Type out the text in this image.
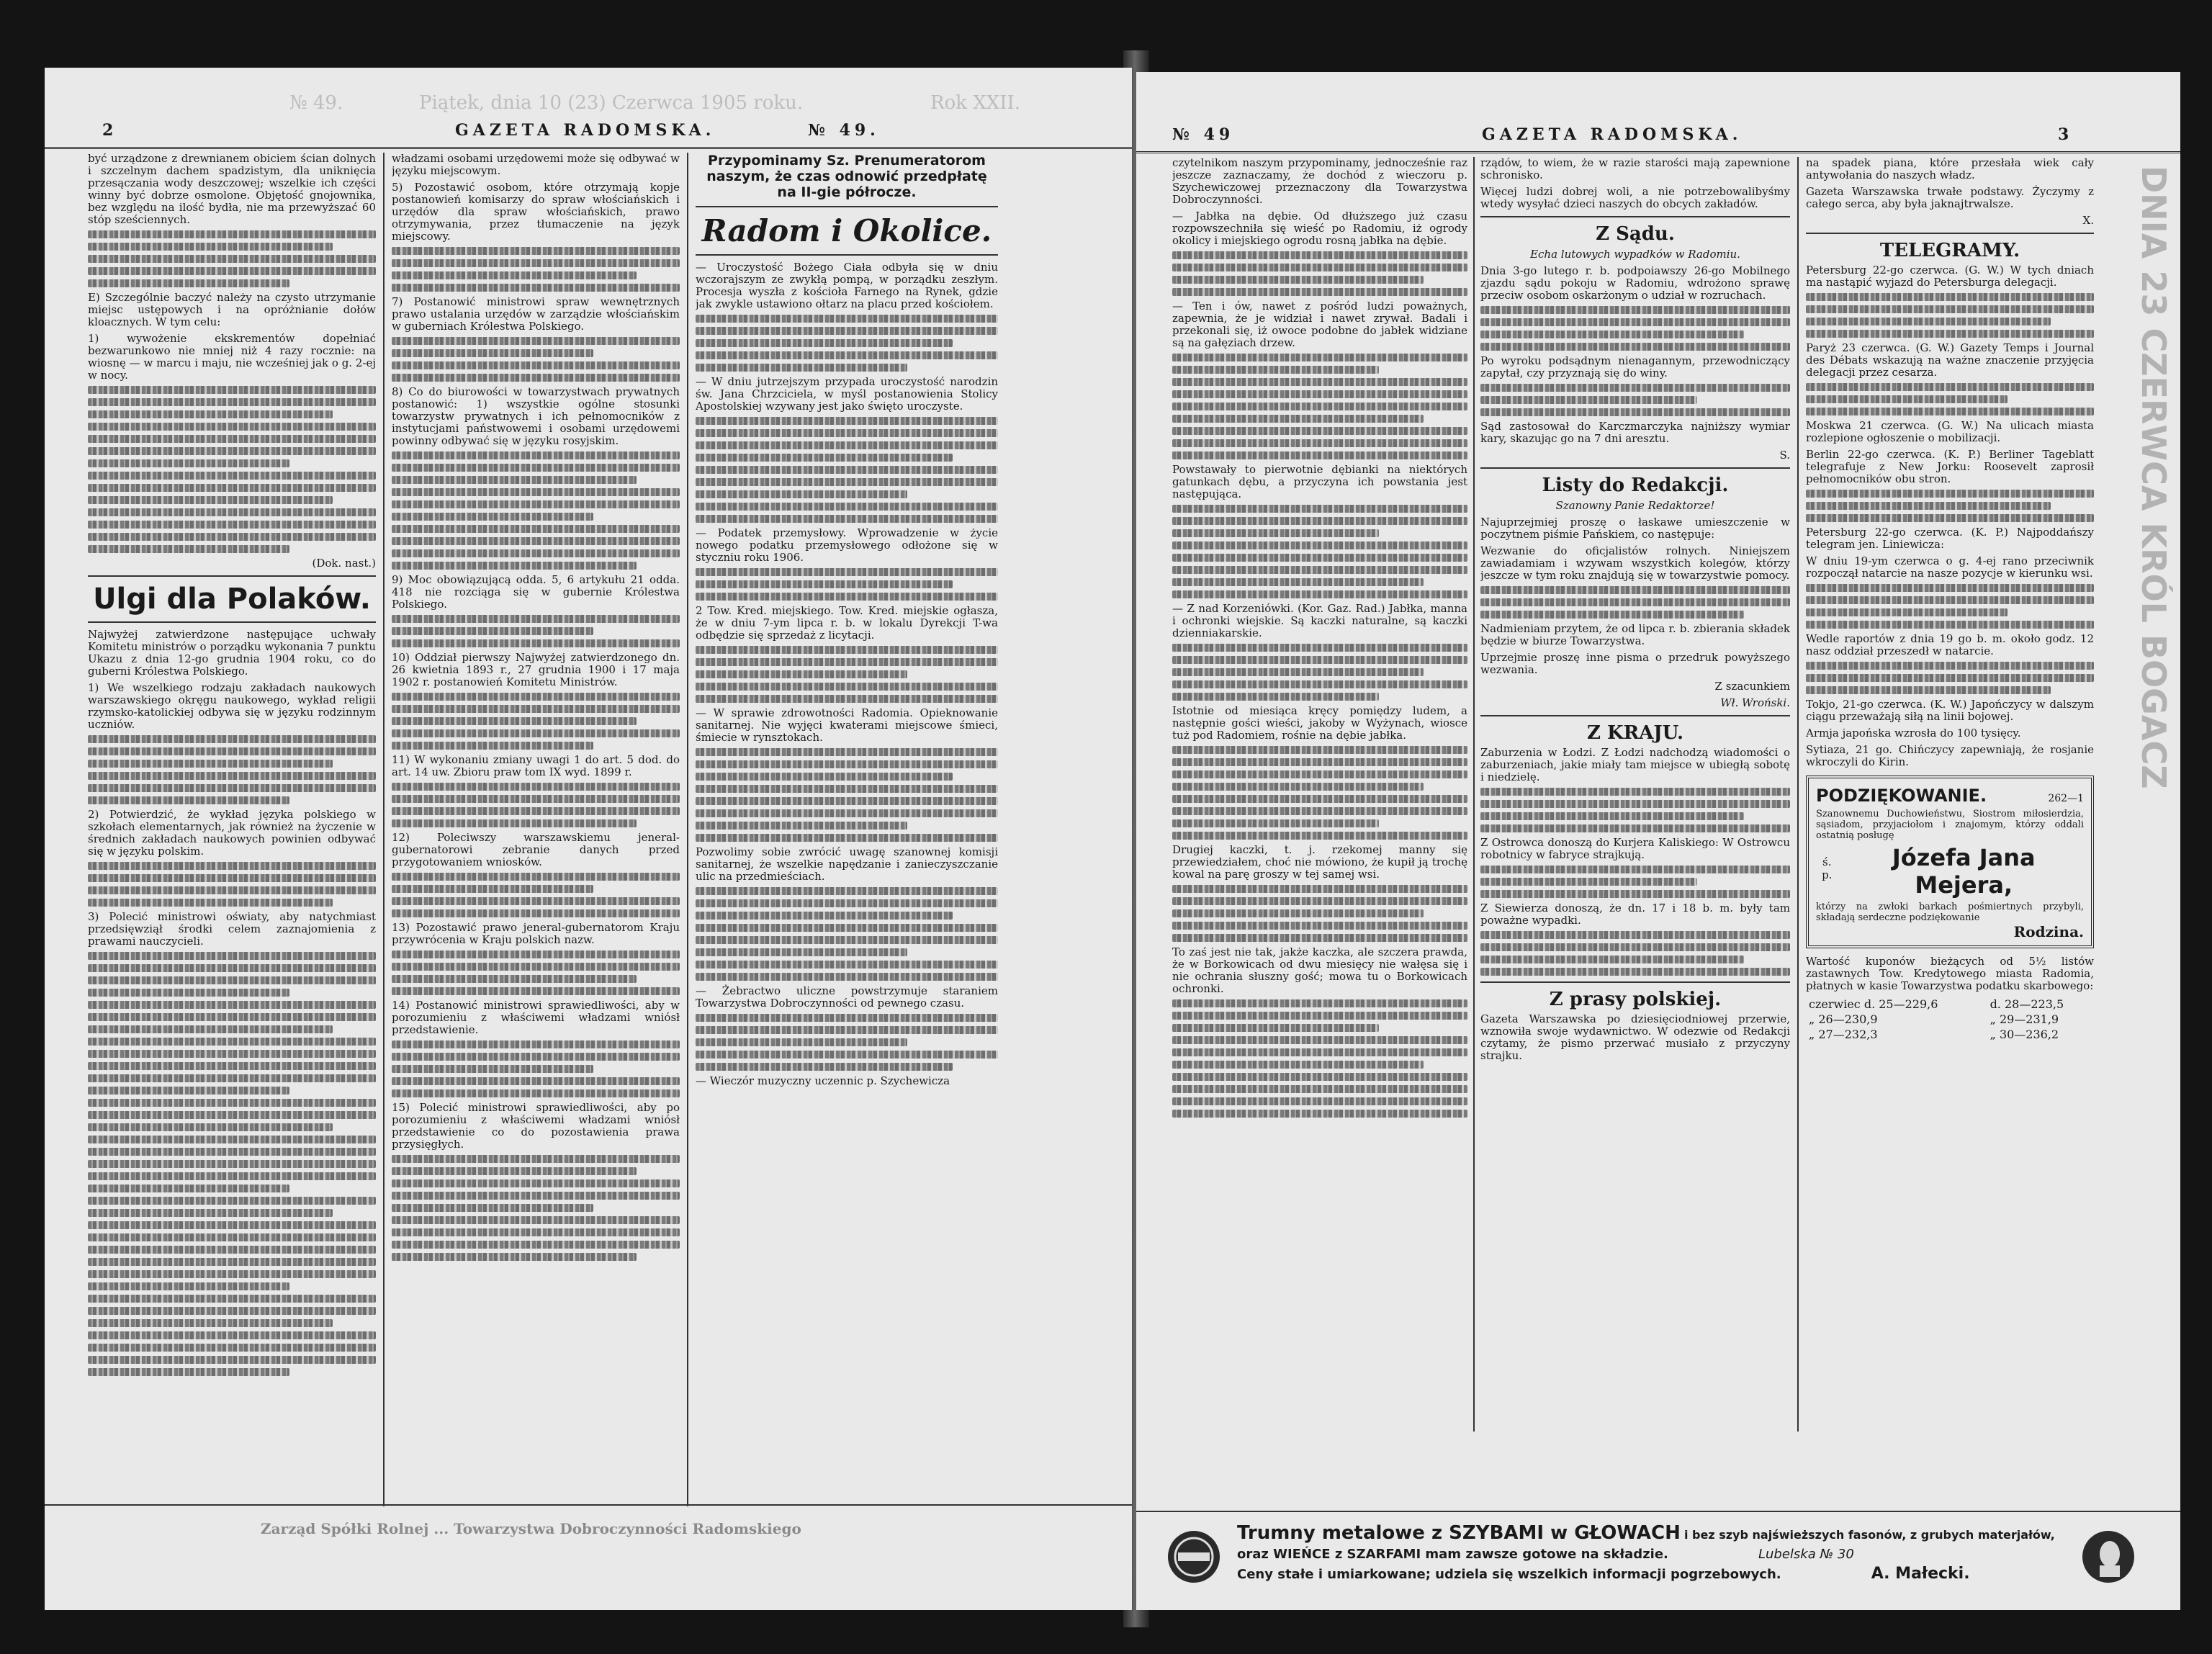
Piątek, dnia 10 (23) Czerwca 1905 roku.	Rok XXII.
№ 49.
2	GAZETA RADOMSKA.	№ 49.

być urządzone z drewnianem obiciem ścian dolnych i szczelnym dachem spadzistym, dla uniknięcia przesączania wody deszczowej; wszelkie ich części winny być dobrze osmolone. Objętość gnojownika, bez względu na ilość bydła, nie ma przewyższać 60 stóp sześciennych.

E) Szczególnie baczyć należy na czysto utrzymanie miejsc ustępowych i na opróżnianie dołów kloacznych. W tym celu:

1) wywożenie ekskrementów dopełniać bezwarunkowo nie mniej niż 4 razy rocznie: na wiosnę — w marcu i maju, nie wcześniej jak o g. 2-ej w nocy.

(Dok. nast.)

Ulgi dla Polaków.

Najwyżej zatwierdzone następujące uchwały Komitetu ministrów o porządku wykonania 7 punktu Ukazu z dnia 12-go grudnia 1904 roku, co do guberni Królestwa Polskiego.

1) We wszelkiego rodzaju zakładach naukowych warszawskiego okręgu naukowego, wykład religii rzymsko-katolickiej odbywa się w języku rodzinnym uczniów.

2) Potwierdzić, że wykład języka polskiego w szkołach elementarnych, jak również na życzenie w średnich zakładach naukowych powinien odbywać się w języku polskim.

3) Polecić ministrowi oświaty, aby natychmiast przedsięwziął środki celem zaznajomienia z prawami nauczycieli.

władzami osobami urzędowemi może się odbywać w języku miejscowym.

5) Pozostawić osobom, które otrzymają kopje postanowień komisarzy do spraw włościańskich i urzędów dla spraw włościańskich, prawo otrzymywania, przez tłumaczenie na język miejscowy.

7) Postanowić ministrowi spraw wewnętrznych prawo ustalania urzędów w zarządzie włościańskim w guberniach Królestwa Polskiego.

8) Co do biurowości w towarzystwach prywatnych postanowić: 1) wszystkie ogólne stosunki towarzystw prywatnych i ich pełnomocników z instytucjami państwowemi i osobami urzędowemi powinny odbywać się w języku rosyjskim.

9) Moc obowiązującą odda. 5, 6 artykułu 21 odda. 418 nie rozciąga się w gubernie Królestwa Polskiego.

10) Oddział pierwszy Najwyżej zatwierdzonego dn. 26 kwietnia 1893 r., 27 grudnia 1900 i 17 maja 1902 r. postanowień Komitetu Ministrów.

11) W wykonaniu zmiany uwagi 1 do art. 5 dod. do art. 14 uw. Zbioru praw tom IX wyd. 1899 r.

12) Poleciwszy warszawskiemu jeneral-gubernatorowi zebranie danych przed przygotowaniem wniosków.

13) Pozostawić prawo jeneral-gubernatorom Kraju przywrócenia w Kraju polskich nazw.

14) Postanowić ministrowi sprawiedliwości, aby w porozumieniu z właściwemi władzami wniósł przedstawienie.

15) Polecić ministrowi sprawiedliwości, aby po porozumieniu z właściwemi władzami wniósł przedstawienie co do pozostawienia prawa przysięgłych.

Przypominamy Sz. Prenumeratorom naszym, że czas odnowić przedpłatę na II-gie półrocze.

Radom i Okolice.

— Uroczystość Bożego Ciała odbyła się w dniu wczorajszym ze zwykłą pompą, w porządku zeszłym. Procesja wyszła z kościoła Farnego na Rynek, gdzie jak zwykle ustawiono ołtarz na placu przed kościołem.

— W dniu jutrzejszym przypada uroczystość narodzin św. Jana Chrzciciela, w myśl postanowienia Stolicy Apostolskiej wzywany jest jako święto uroczyste.

— Podatek przemysłowy. Wprowadzenie w życie nowego podatku przemysłowego odłożone się w styczniu roku 1906.

2 Tow. Kred. miejskiego. Tow. Kred. miejskie ogłasza, że w dniu 7-ym lipca r. b. w lokalu Dyrekcji T-wa odbędzie się sprzedaż z licytacji.

— W sprawie zdrowotności Radomia. Opieknowanie sanitarnej. Nie wyjęci kwaterami miejscowe śmieci, śmiecie w rynsztokach.

Pozwolimy sobie zwrócić uwagę szanownej komisji sanitarnej, że wszelkie napędzanie i zanieczyszczanie ulic na przedmieściach.

— Żebractwo uliczne powstrzymuje staraniem Towarzystwa Dobroczynności od pewnego czasu.

— Wieczór muzyczny uczennic p. Szychewicza

Zarząd Spółki Rolnej ... Towarzystwa Dobroczynności Radomskiego

№ 49	GAZETA RADOMSKA.	3

czytelnikom naszym przypominamy, jednocześnie raz jeszcze zaznaczamy, że dochód z wieczoru p. Szychewiczowej przeznaczony dla Towarzystwa Dobroczynności.

— Jabłka na dębie. Od dłuższego już czasu rozpowszechniła się wieść po Radomiu, iż ogrody okolicy i miejskiego ogrodu rosną jabłka na dębie.

— Ten i ów, nawet z pośród ludzi poważnych, zapewnia, że je widział i nawet zrywał. Badali i przekonali się, iż owoce podobne do jabłek widziane są na gałęziach drzew.

Powstawały to pierwotnie dębianki na niektórych gatunkach dębu, a przyczyna ich powstania jest następująca.

— Z nad Korzeniówki. (Kor. Gaz. Rad.) Jabłka, manna i ochronki wiejskie. Są kaczki naturalne, są kaczki dzienniakarskie.

Istotnie od miesiąca kręcy pomiędzy ludem, a następnie gości wieści, jakoby w Wyżynach, wiosce tuż pod Radomiem, rośnie na dębie jabłka.

Drugiej kaczki, t. j. rzekomej manny się przewiedziałem, choć nie mówiono, że kupił ją trochę kowal na parę groszy w tej samej wsi.

To zaś jest nie tak, jakże kaczka, ale szczera prawda, że w Borkowicach od dwu miesięcy nie wałęsa się i nie ochrania słuszny gość; mowa tu o Borkowicach ochronki.

rządów, to wiem, że w razie starości mają zapewnione schronisko.

Więcej ludzi dobrej woli, a nie potrzebowalibyśmy wtedy wysyłać dzieci naszych do obcych zakładów.

Z Sądu.
Echa lutowych wypadków w Radomiu.

Dnia 3-go lutego r. b. podpoiawszy 26-go Mobilnego zjazdu sądu pokoju w Radomiu, wdrożono sprawę przeciw osobom oskarżonym o udział w rozruchach.

Po wyroku podsądnym nienagannym, przewodniczący zapytał, czy przyznają się do winy.

Sąd zastosował do Karczmarczyka najniższy wymiar kary, skazując go na 7 dni aresztu.

S.

Listy do Redakcji.
Szanowny Panie Redaktorze!

Najuprzejmiej proszę o łaskawe umieszczenie w poczytnem piśmie Pańskiem, co następuje:

Wezwanie do oficjalistów rolnych. Niniejszem zawiadamiam i wzywam wszystkich kolegów, którzy jeszcze w tym roku znajdują się w towarzystwie pomocy.

Nadmieniam przytem, że od lipca r. b. zbierania składek będzie w biurze Towarzystwa.

Uprzejmie proszę inne pisma o przedruk powyższego wezwania.

Z szacunkiem

Wł. Wroński.

Z KRAJU.

Zaburzenia w Łodzi. Z Łodzi nadchodzą wiadomości o zaburzeniach, jakie miały tam miejsce w ubiegłą sobotę i niedzielę.

Z Ostrowca donoszą do Kurjera Kaliskiego: W Ostrowcu robotnicy w fabryce strajkują.

Z Siewierza donoszą, że dn. 17 i 18 b. m. były tam poważne wypadki.

Z prasy polskiej.

Gazeta Warszawska po dziesięciodniowej przerwie, wznowiła swoje wydawnictwo. W odezwie od Redakcji czytamy, że pismo przerwać musiało z przyczyny strajku.

na spadek piana, które przesłała wiek cały antywołania do naszych władz.

Gazeta Warszawska trwałe podstawy. Życzymy z całego serca, aby była jaknajtrwalsze.

X.

TELEGRAMY.

Petersburg 22-go czerwca. (G. W.) W tych dniach ma nastąpić wyjazd do Petersburga delegacji.

Paryż 23 czerwca. (G. W.) Gazety Temps i Journal des Débats wskazują na ważne znaczenie przyjęcia delegacji przez cesarza.

Moskwa 21 czerwca. (G. W.) Na ulicach miasta rozlepione ogłoszenie o mobilizacji.

Berlin 22-go czerwca. (K. P.) Berliner Tageblatt telegrafuje z New Jorku: Roosevelt zaprosił pełnomocników obu stron.

Petersburg 22-go czerwca. (K. P.) Najpoddańszy telegram jen. Liniewicza:

W dniu 19-ym czerwca o g. 4-ej rano przeciwnik rozpoczął natarcie na nasze pozycje w kierunku wsi.

Wedle raportów z dnia 19 go b. m. około godz. 12 nasz oddział przeszedł w natarcie.

Tokjo, 21-go czerwca. (K. W.) Japończycy w dalszym ciągu przeważają siłą na linii bojowej.

Armja japońska wzrosła do 100 tysięcy.

Sytiaza, 21 go. Chińczycy zapewniają, że rosjanie wkroczyli do Kirin.

PODZIĘKOWANIE.	262—1

Szanownemu Duchowieństwu, Siostrom miłosierdzia, sąsiadom, przyjaciołom i znajomym, którzy oddali ostatnią posługę

ś. p.
Józefa Jana Mejera,

którzy na zwłoki barkach pośmiertnych przybyli, składają serdeczne podziękowanie

Rodzina.

Wartość kuponów bieżących od 5½ listów zastawnych Tow. Kredytowego miasta Radomia, płatnych w kasie Towarzystwa podatku skarbowego:

czerwiec d. 25—229,6	d. 28—223,5
„ 26—230,9	„ 29—231,9
„ 27—232,3	„ 30—236,2
DNIA 23 CZERWCA KRÓL BOGACZ
Trumny metalowe z SZYBAMI w GŁOWACH i bez szyb najświeższych fasonów, z grubych materjałów,
oraz WIEŃCE z SZARFAMI mam zawsze gotowe na składzie.	Lubelska № 30
Ceny stałe i umiarkowane; udziela się wszelkich informacji pogrzebowych.	A. Małecki.
